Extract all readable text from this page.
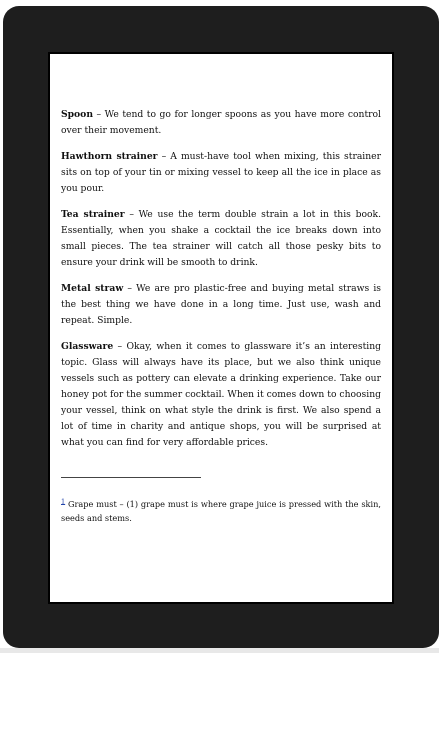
Spoon – We tend to go for longer spoons as you have more control over their movement.

Hawthorn strainer – A must-have tool when mixing, this strainer sits on top of your tin or mixing vessel to keep all the ice in place as you pour.

Tea strainer – We use the term double strain a lot in this book. Essentially, when you shake a cocktail the ice breaks down into small pieces. The tea strainer will catch all those pesky bits to ensure your drink will be smooth to drink.

Metal straw – We are pro plastic-free and buying metal straws is the best thing we have done in a long time. Just use, wash and repeat. Simple.

Glassware – Okay, when it comes to glassware it’s an interesting topic. Glass will always have its place, but we also think unique vessels such as pottery can elevate a drinking experience. Take our honey pot for the summer cocktail. When it comes down to choosing your vessel, think on what style the drink is first. We also spend a lot of time in charity and antique shops, you will be surprised at what you can find for very affordable prices.

$^1$ Grape must – (1) grape must is where grape juice is pressed with the skin, seeds and stems.
